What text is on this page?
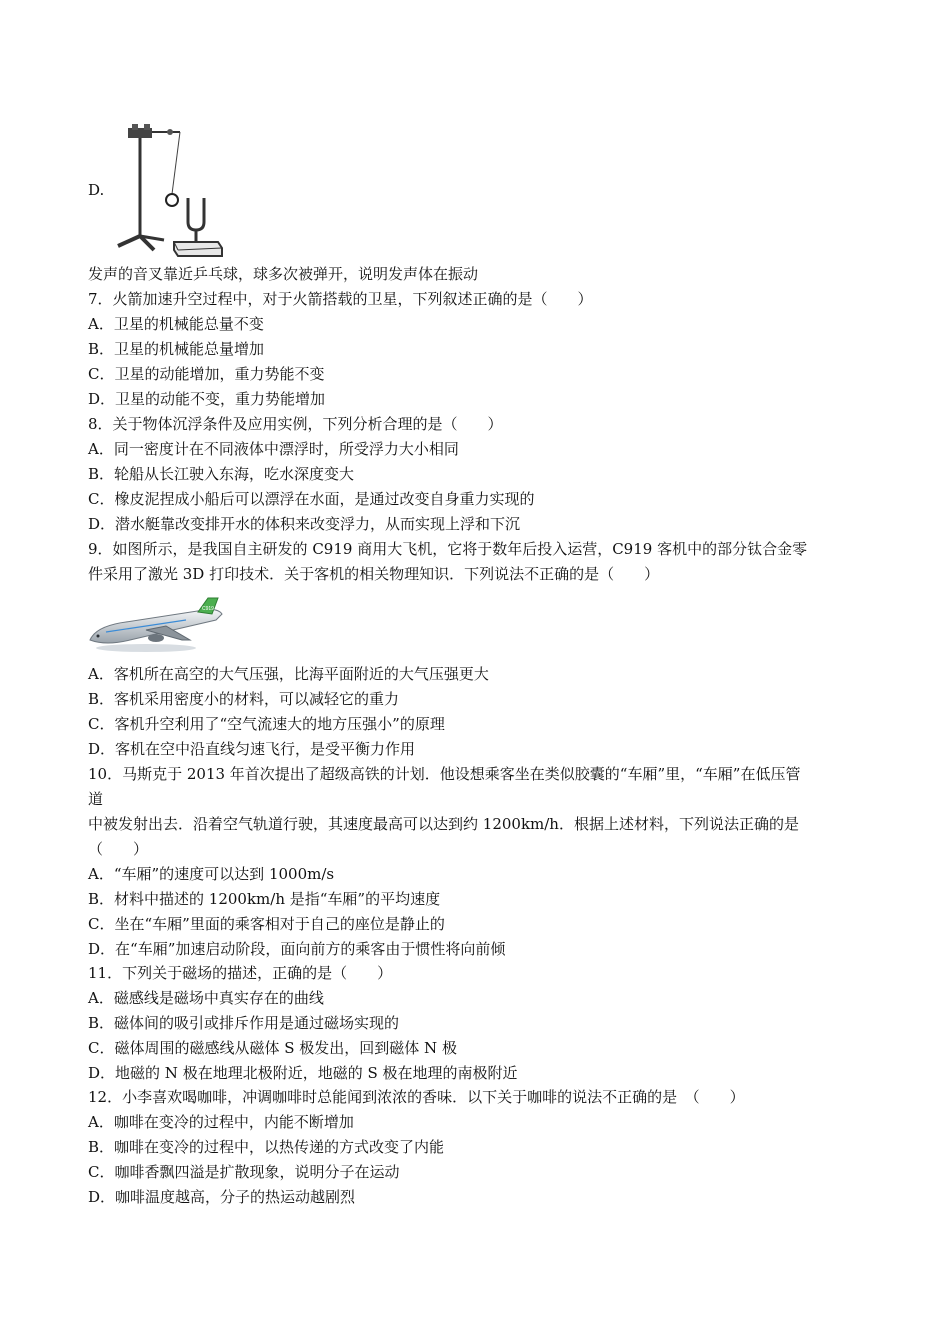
D.
发声的音叉靠近乒乓球，球多次被弹开，说明发声体在振动
7．火箭加速升空过程中，对于火箭搭载的卫星，下列叙述正确的是（　　）
A．卫星的机械能总量不变
B．卫星的机械能总量增加
C．卫星的动能增加，重力势能不变
D．卫星的动能不变，重力势能增加
8．关于物体沉浮条件及应用实例，下列分析合理的是（　　）
A．同一密度计在不同液体中漂浮时，所受浮力大小相同
B．轮船从长江驶入东海，吃水深度变大
C．橡皮泥捏成小船后可以漂浮在水面，是通过改变自身重力实现的
D．潜水艇靠改变排开水的体积来改变浮力，从而实现上浮和下沉
9．如图所示，是我国自主研发的 C919 商用大飞机，它将于数年后投入运营，C919 客机中的部分钛合金零
件采用了激光 3D 打印技术．关于客机的相关物理知识．下列说法不正确的是（　　）
C919
A．客机所在高空的大气压强，比海平面附近的大气压强更大
B．客机采用密度小的材料，可以减轻它的重力
C．客机升空利用了“空气流速大的地方压强小”的原理
D．客机在空中沿直线匀速飞行，是受平衡力作用
10．马斯克于 2013 年首次提出了超级高铁的计划．他设想乘客坐在类似胶囊的“车厢”里，“车厢”在低压管
道
中被发射出去．沿着空气轨道行驶，其速度最高可以达到约 1200km/h．根据上述材料，下列说法正确的是
（　　）
A．“车厢”的速度可以达到 1000m/s
B．材料中描述的 1200km/h 是指“车厢”的平均速度
C．坐在“车厢”里面的乘客相对于自己的座位是静止的
D．在“车厢”加速启动阶段，面向前方的乘客由于惯性将向前倾
11．下列关于磁场的描述，正确的是（　　）
A．磁感线是磁场中真实存在的曲线
B．磁体间的吸引或排斥作用是通过磁场实现的
C．磁体周围的磁感线从磁体 S 极发出，回到磁体 N 极
D．地磁的 N 极在地理北极附近，地磁的 S 极在地理的南极附近
12．小李喜欢喝咖啡，冲调咖啡时总能闻到浓浓的香味．以下关于咖啡的说法不正确的是　（　　）
A．咖啡在变冷的过程中，内能不断增加
B．咖啡在变冷的过程中，以热传递的方式改变了内能
C．咖啡香飘四溢是扩散现象，说明分子在运动
D．咖啡温度越高，分子的热运动越剧烈
